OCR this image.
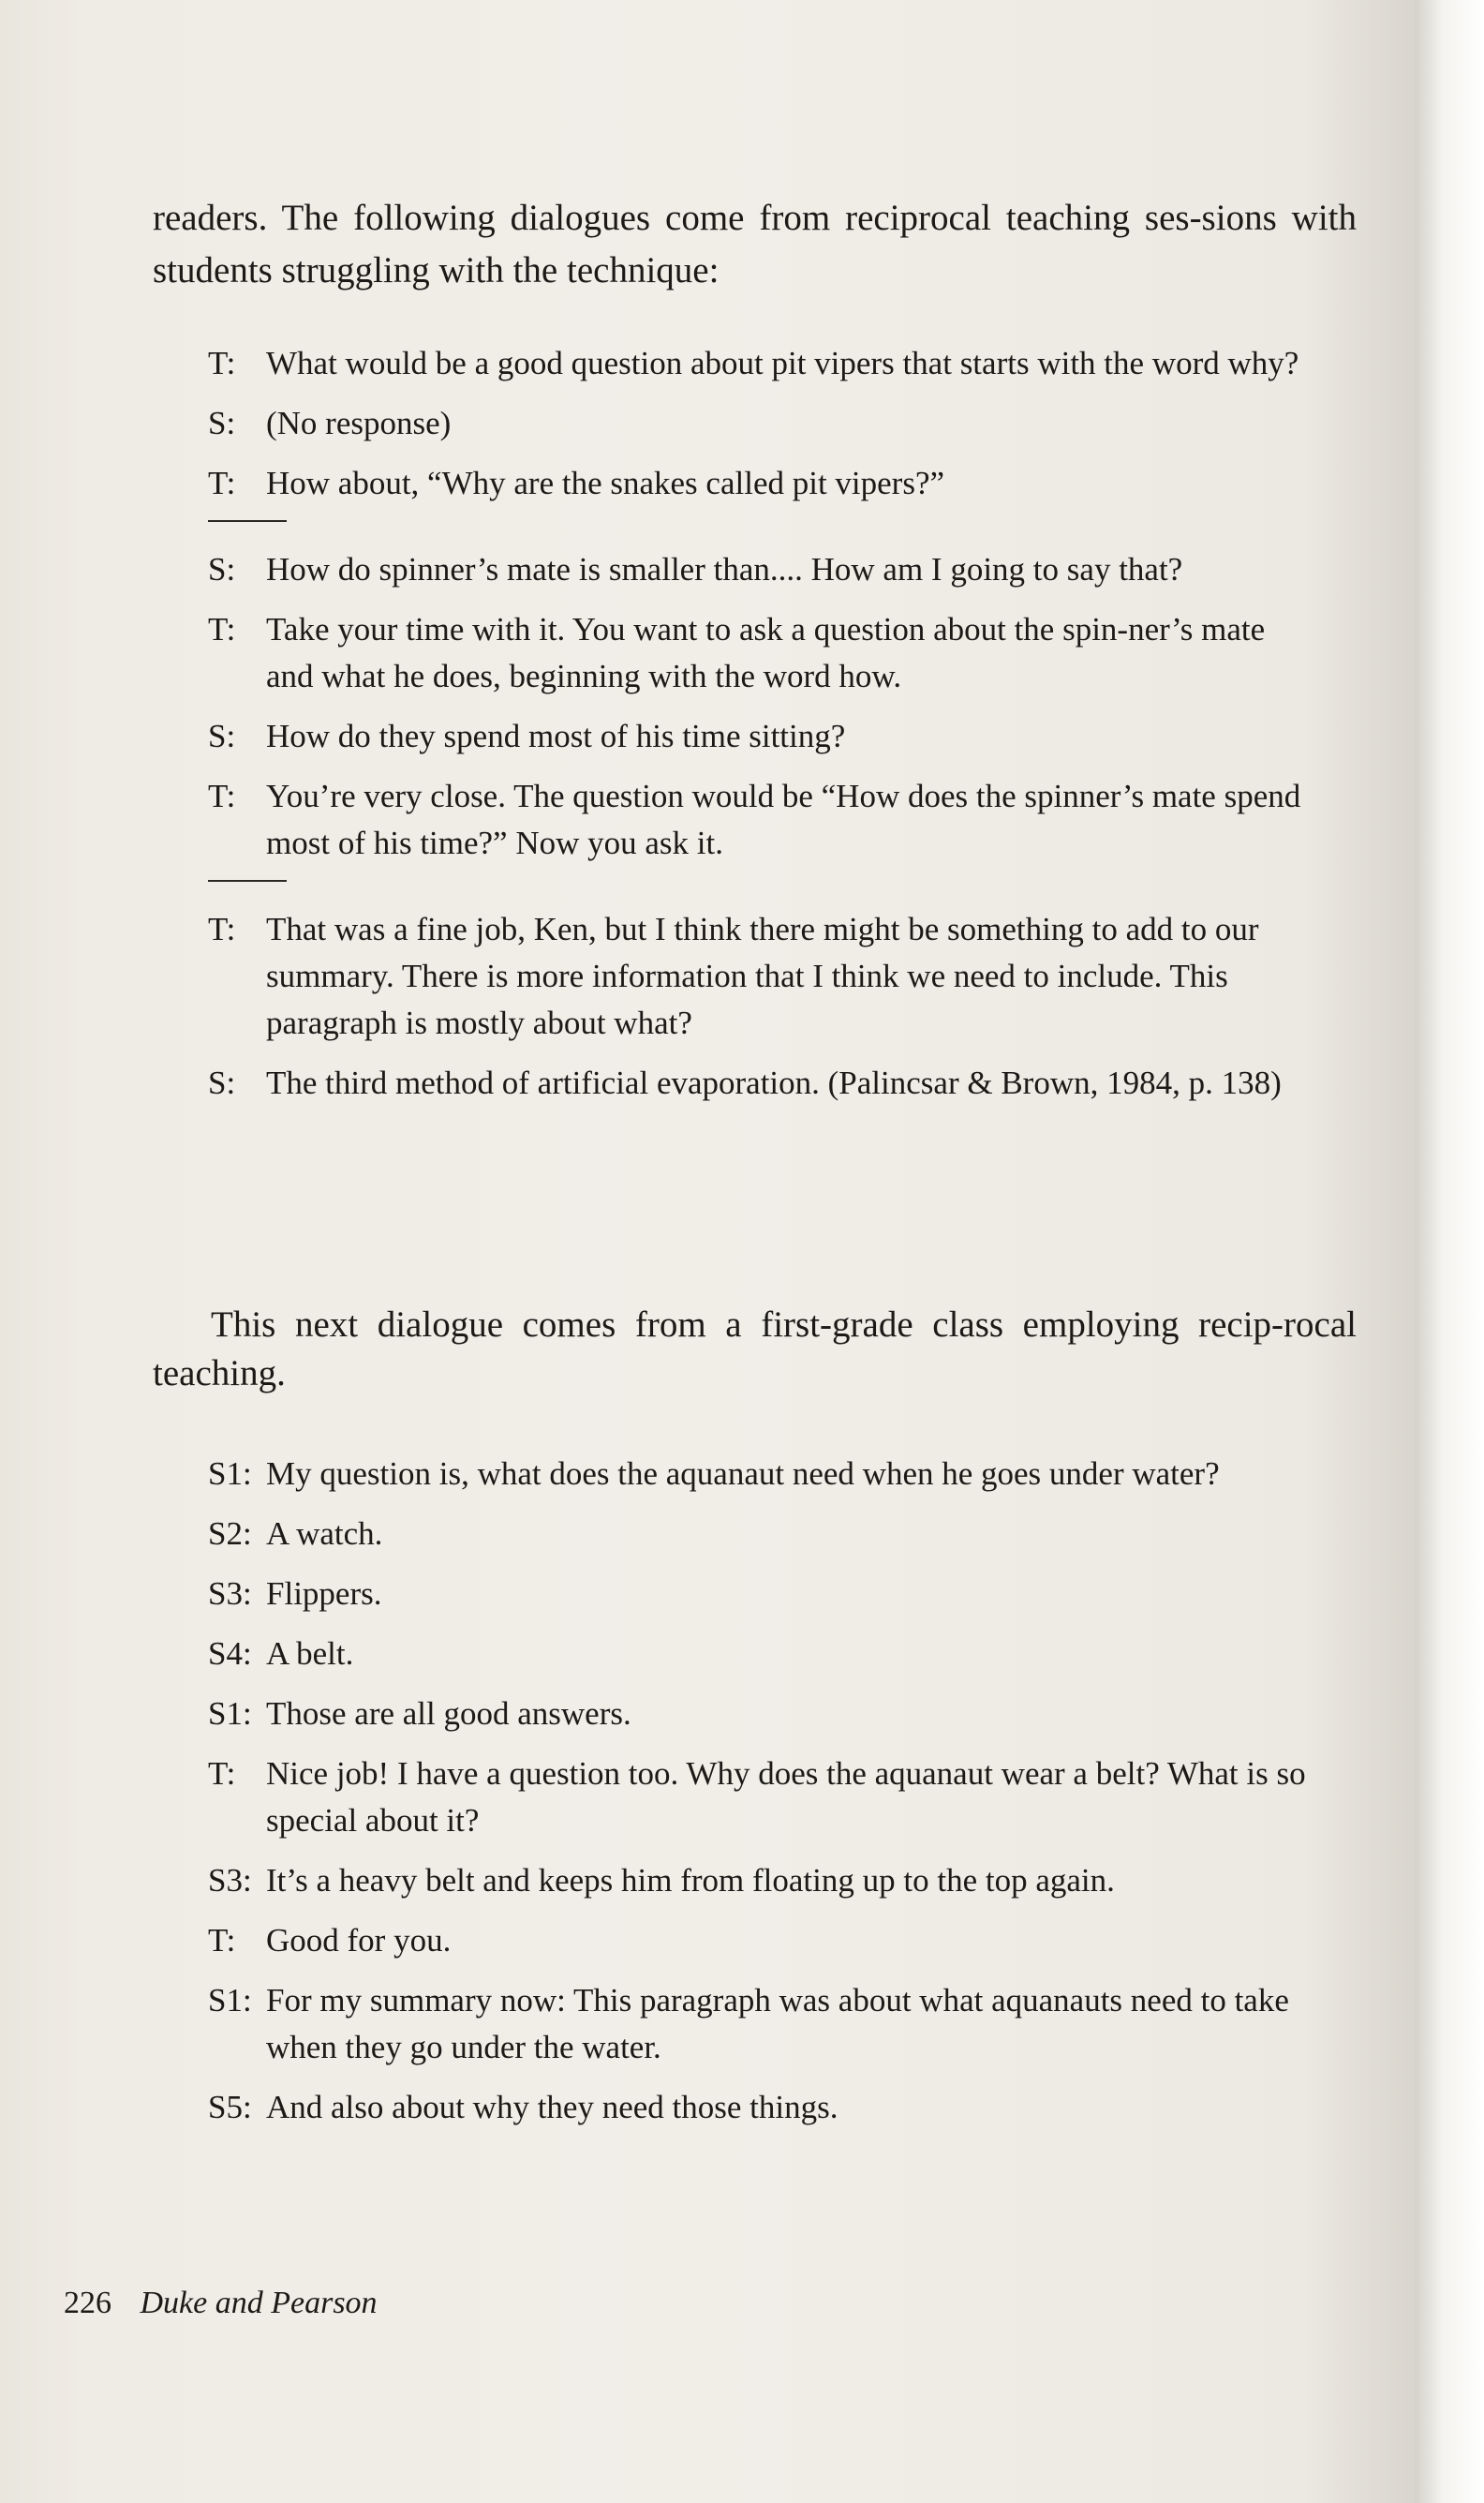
readers. The following dialogues come from reciprocal teaching ses-sions with students struggling with the technique:

T: What would be a good question about pit vipers that starts with the word why?
S: (No response)
T: How about, “Why are the snakes called pit vipers?”
S: How do spinner’s mate is smaller than.... How am I going to say that?
T: Take your time with it. You want to ask a question about the spin-ner’s mate and what he does, beginning with the word how.
S: How do they spend most of his time sitting?
T: You’re very close. The question would be “How does the spinner’s mate spend most of his time?” Now you ask it.
T: That was a fine job, Ken, but I think there might be something to add to our summary. There is more information that I think we need to include. This paragraph is mostly about what?
S: The third method of artificial evaporation. (Palincsar & Brown, 1984, p. 138)

This next dialogue comes from a first-grade class employing recip-rocal teaching.

S1: My question is, what does the aquanaut need when he goes under water?
S2: A watch.
S3: Flippers.
S4: A belt.
S1: Those are all good answers.
T: Nice job! I have a question too. Why does the aquanaut wear a belt? What is so special about it?
S3: It’s a heavy belt and keeps him from floating up to the top again.
T: Good for you.
S1: For my summary now: This paragraph was about what aquanauts need to take when they go under the water.
S5: And also about why they need those things.
226 Duke and Pearson
